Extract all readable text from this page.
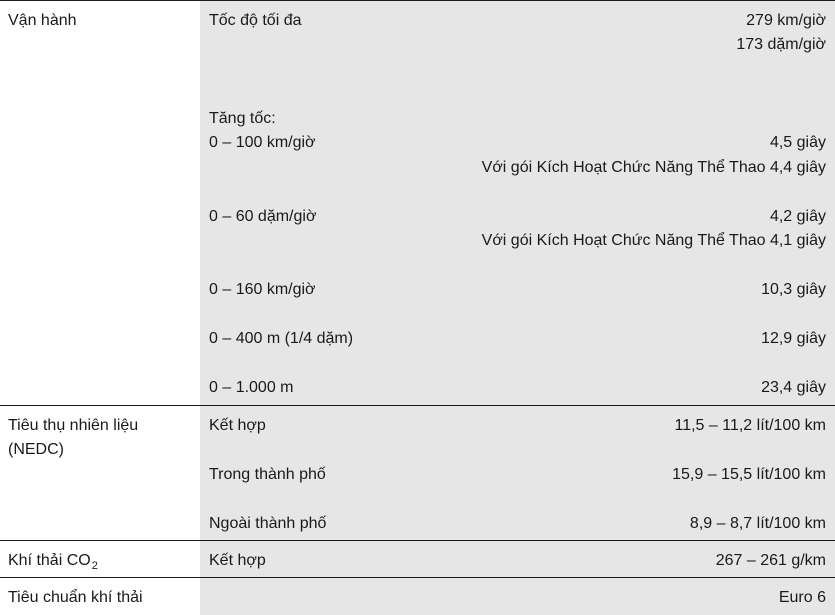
Vận hành	Tốc độ tối đa	279 km/giờ
173 dặm/giờ
Tăng tốc:
0 – 100 km/giờ	4,5 giây
Với gói Kích Hoạt Chức Năng Thể Thao 4,4 giây
0 – 60 dặm/giờ	4,2 giây
Với gói Kích Hoạt Chức Năng Thể Thao 4,1 giây
0 – 160 km/giờ	10,3 giây
0 – 400 m (1/4 dặm)	12,9 giây
0 – 1.000 m	23,4 giây
Tiêu thụ nhiên liệu (NEDC)
Kết hợp	11,5 – 11,2 lít/100 km
Trong thành phố	15,9 – 15,5 lít/100 km
Ngoài thành phố	8,9 – 8,7 lít/100 km
Khí thải $CO_2$	Kết hợp	267 – 261 g/km
Tiêu chuẩn khí thải	Euro 6
